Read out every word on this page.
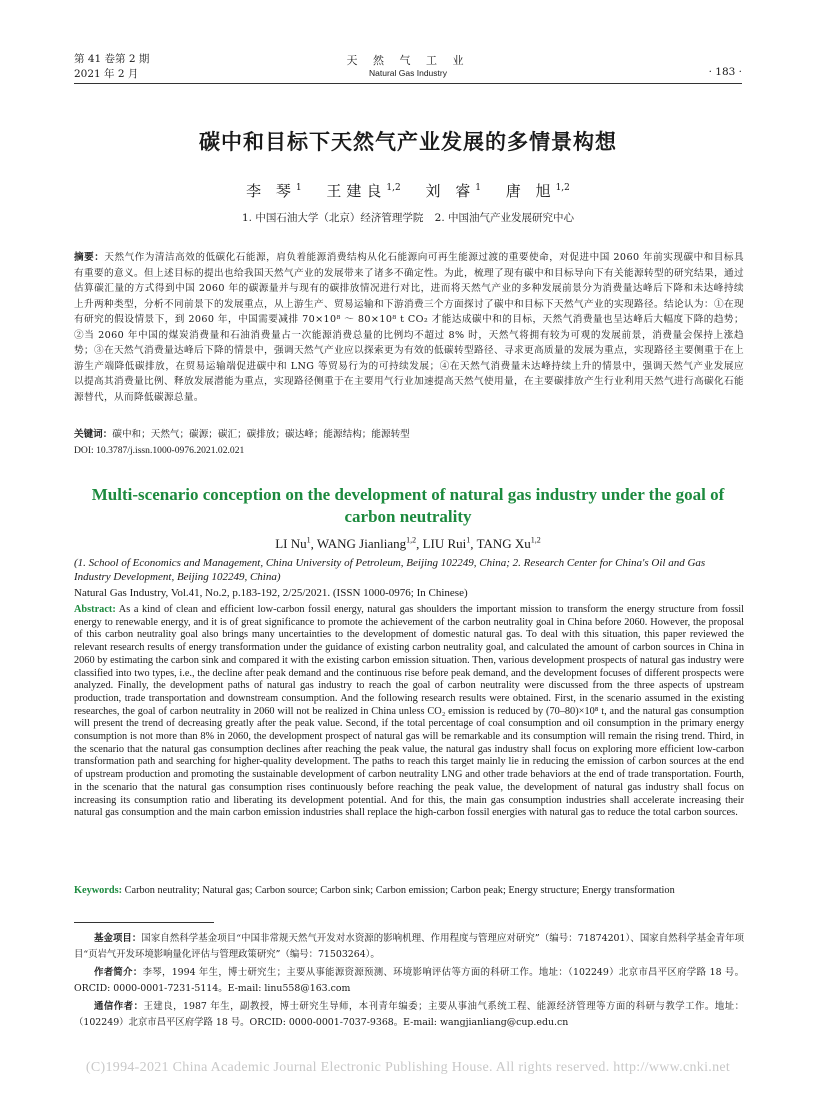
第 41 卷第 2 期
2021 年 2 月
天 然 气 工 业
Natural Gas Industry	· 183 ·
碳中和目标下天然气产业发展的多情景构想
李 琴$^1$ 王建良$^{1,2}$ 刘 睿$^1$ 唐 旭$^{1,2}$
1. 中国石油大学（北京）经济管理学院 2. 中国油气产业发展研究中心
摘要：天然气作为清洁高效的低碳化石能源，肩负着能源消费结构从化石能源向可再生能源过渡的重要使命，对促进中国 2060 年前实现碳中和目标具有重要的意义。但上述目标的提出也给我国天然气产业的发展带来了诸多不确定性。为此，梳理了现有碳中和目标导向下有关能源转型的研究结果，通过估算碳汇量的方式得到中国 2060 年的碳源量并与现有的碳排放情况进行对比，进而将天然气产业的多种发展前景分为消费量达峰后下降和未达峰持续上升两种类型，分析不同前景下的发展重点，从上游生产、贸易运输和下游消费三个方面探讨了碳中和目标下天然气产业的实现路径。结论认为：①在现有研究的假设情景下，到 2060 年，中国需要减排 70×10⁸ ～ 80×10⁸ t CO₂ 才能达成碳中和的目标，天然气消费量也呈达峰后大幅度下降的趋势；②当 2060 年中国的煤炭消费量和石油消费量占一次能源消费总量的比例均不超过 8% 时，天然气将拥有较为可观的发展前景，消费量会保持上涨趋势；③在天然气消费量达峰后下降的情景中，强调天然气产业应以探索更为有效的低碳转型路径、寻求更高质量的发展为重点，实现路径主要侧重于在上游生产端降低碳排放，在贸易运输端促进碳中和 LNG 等贸易行为的可持续发展；④在天然气消费量未达峰持续上升的情景中，强调天然气产业发展应以提高其消费量比例、释放发展潜能为重点，实现路径侧重于在主要用气行业加速提高天然气使用量，在主要碳排放产生行业利用天然气进行高碳化石能源替代，从而降低碳源总量。
关键词：碳中和；天然气；碳源；碳汇；碳排放；碳达峰；能源结构；能源转型
DOI: 10.3787/j.issn.1000-0976.2021.02.021
Multi-scenario conception on the development of natural gas industry under the goal of carbon neutrality
LI Nu$^1$, WANG Jianliang$^{1,2}$, LIU Rui$^1$, TANG Xu$^{1,2}$
(1. School of Economics and Management, China University of Petroleum, Beijing 102249, China; 2. Research Center for China's Oil and Gas Industry Development, Beijing 102249, China)
Natural Gas Industry, Vol.41, No.2, p.183-192, 2/25/2021. (ISSN 1000-0976; In Chinese)
Abstract: As a kind of clean and efficient low-carbon fossil energy, natural gas shoulders the important mission to transform the energy structure from fossil energy to renewable energy, and it is of great significance to promote the achievement of the carbon neutrality goal in China before 2060. However, the proposal of this carbon neutrality goal also brings many uncertainties to the development of domestic natural gas. To deal with this situation, this paper reviewed the relevant research results of energy transformation under the guidance of existing carbon neutrality goal, and calculated the amount of carbon sources in China in 2060 by estimating the carbon sink and compared it with the existing carbon emission situation. Then, various development prospects of natural gas industry were classified into two types, i.e., the decline after peak demand and the continuous rise before peak demand, and the development focuses of different prospects were analyzed. Finally, the development paths of natural gas industry to reach the goal of carbon neutrality were discussed from the three aspects of upstream production, trade transportation and downstream consumption. And the following research results were obtained. First, in the scenario assumed in the existing researches, the goal of carbon neutrality in 2060 will not be realized in China unless CO₂ emission is reduced by (70–80)×10⁸ t, and the natural gas consumption will present the trend of decreasing greatly after the peak value. Second, if the total percentage of coal consumption and oil consumption in the primary energy consumption is not more than 8% in 2060, the development prospect of natural gas will be remarkable and its consumption will remain the rising trend. Third, in the scenario that the natural gas consumption declines after reaching the peak value, the natural gas industry shall focus on exploring more efficient low-carbon transformation path and searching for higher-quality development. The paths to reach this target mainly lie in reducing the emission of carbon sources at the end of upstream production and promoting the sustainable development of carbon neutrality LNG and other trade behaviors at the end of trade transportation. Fourth, in the scenario that the natural gas consumption rises continuously before reaching the peak value, the development of natural gas industry shall focus on increasing its consumption ratio and liberating its development potential. And for this, the main gas consumption industries shall accelerate increasing their natural gas consumption and the main carbon emission industries shall replace the high-carbon fossil energies with natural gas to reduce the total carbon sources.
Keywords: Carbon neutrality; Natural gas; Carbon source; Carbon sink; Carbon emission; Carbon peak; Energy structure; Energy transformation

基金项目：国家自然科学基金项目“中国非常规天然气开发对水资源的影响机理、作用程度与管理应对研究”（编号：71874201）、国家自然科学基金青年项目“页岩气开发环境影响量化评估与管理政策研究”（编号：71503264）。

作者简介：李琴，1994 年生，博士研究生；主要从事能源资源预测、环境影响评估等方面的科研工作。地址：（102249）北京市昌平区府学路 18 号。ORCID: 0000-0001-7231-5114。E-mail: linu558@163.com

通信作者：王建良，1987 年生，副教授，博士研究生导师，本刊青年编委；主要从事油气系统工程、能源经济管理等方面的科研与教学工作。地址：（102249）北京市昌平区府学路 18 号。ORCID: 0000-0001-7037-9368。E-mail: wangjianliang@cup.edu.cn

(C)1994-2021 China Academic Journal Electronic Publishing House. All rights reserved. http://www.cnki.net
